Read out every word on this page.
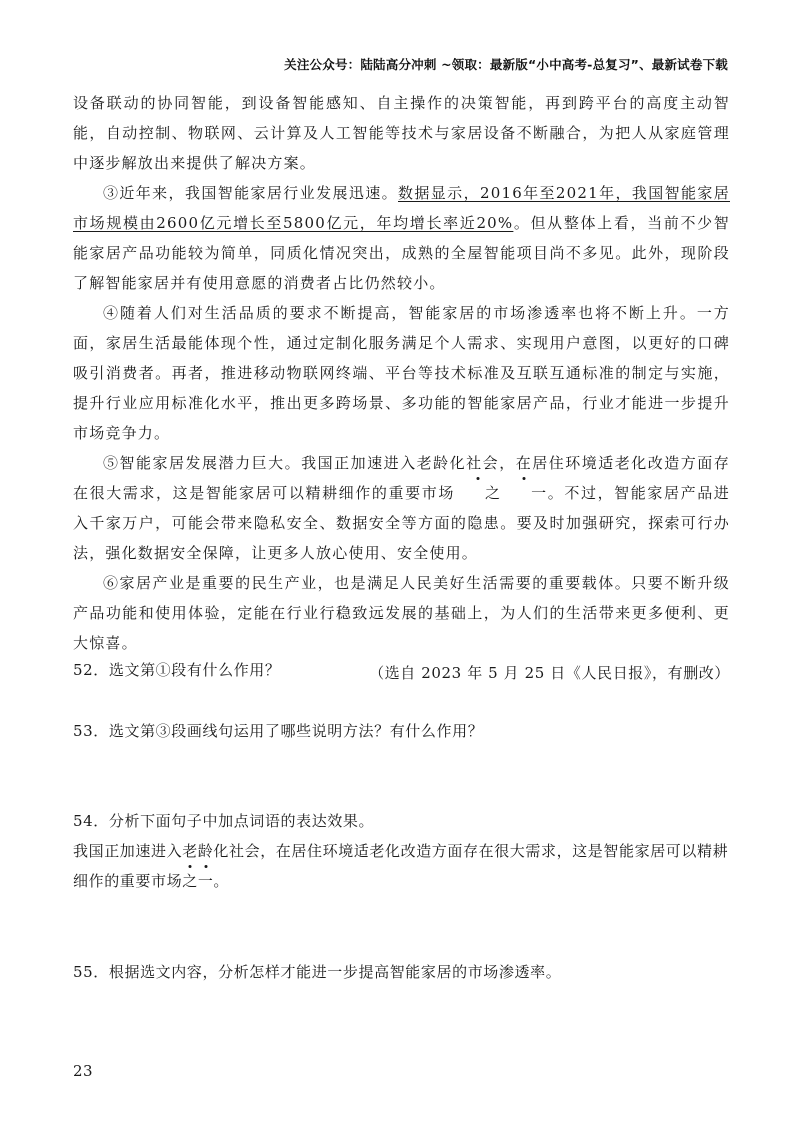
关注公众号：陆陆高分冲刺 ~领取：最新版“小中高考-总复习”、最新试卷下载

设备联动的协同智能，到设备智能感知、自主操作的决策智能，再到跨平台的高度主动智能，自动控制、物联网、云计算及人工智能等技术与家居设备不断融合，为把人从家庭管理中逐步解放出来提供了解决方案。

③近年来，我国智能家居行业发展迅速。数据显示，2016年至2021年，我国智能家居市场规模由2600亿元增长至5800亿元，年均增长率近20%。但从整体上看，当前不少智能家居产品功能较为简单，同质化情况突出，成熟的全屋智能项目尚不多见。此外，现阶段了解智能家居并有使用意愿的消费者占比仍然较小。

④随着人们对生活品质的要求不断提高，智能家居的市场渗透率也将不断上升。一方面，家居生活最能体现个性，通过定制化服务满足个人需求、实现用户意图，以更好的口碑吸引消费者。再者，推进移动物联网终端、平台等技术标准及互联互通标准的制定与实施，提升行业应用标准化水平，推出更多跨场景、多功能的智能家居产品，行业才能进一步提升市场竞争力。

⑤智能家居发展潜力巨大。我国正加速进入老龄化社会，在居住环境适老化改造方面存在很大需求，这是智能家居可以精耕细作的重要市场 之 一。不过，智能家居产品进入千家万户，可能会带来隐私安全、数据安全等方面的隐患。要及时加强研究，探索可行办法，强化数据安全保障，让更多人放心使用、安全使用。

⑥家居产业是重要的民生产业，也是满足人民美好生活需要的重要载体。只要不断升级产品功能和使用体验，定能在行业行稳致远发展的基础上，为人们的生活带来更多便利、更大惊喜。

（选自 2023 年 5 月 25 日《人民日报》，有删改）

52．选文第①段有什么作用？

53．选文第③段画线句运用了哪些说明方法？有什么作用？

54．分析下面句子中加点词语的表达效果。

我国正加速进入老龄化社会，在居住环境适老化改造方面存在很大需求，这是智能家居可以精耕细作的重要市场之一。

55．根据选文内容，分析怎样才能进一步提高智能家居的市场渗透率。

23
